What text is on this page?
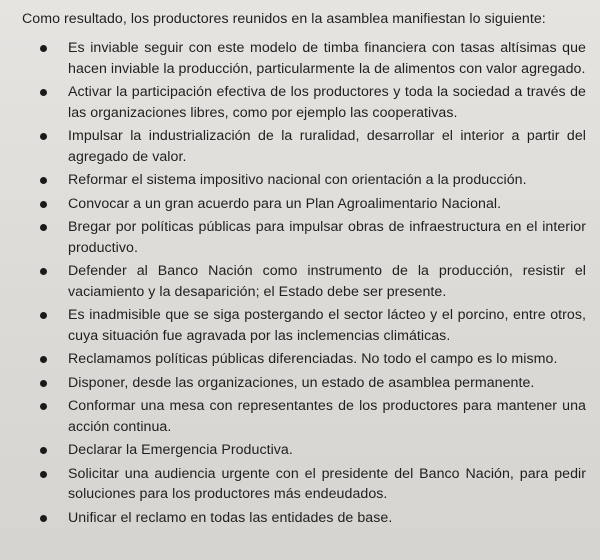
Como resultado, los productores reunidos en la asamblea manifiestan lo siguiente:

Es inviable seguir con este modelo de timba financiera con tasas altísimas que hacen inviable la producción, particularmente la de alimentos con valor agregado.
Activar la participación efectiva de los productores y toda la sociedad a través de las organizaciones libres, como por ejemplo las cooperativas.
Impulsar la industrialización de la ruralidad, desarrollar el interior a partir del agregado de valor.
Reformar el sistema impositivo nacional con orientación a la producción.
Convocar a un gran acuerdo para un Plan Agroalimentario Nacional.
Bregar por políticas públicas para impulsar obras de infraestructura en el interior productivo.
Defender al Banco Nación como instrumento de la producción, resistir el vaciamiento y la desaparición; el Estado debe ser presente.
Es inadmisible que se siga postergando el sector lácteo y el porcino, entre otros, cuya situación fue agravada por las inclemencias climáticas.
Reclamamos políticas públicas diferenciadas. No todo el campo es lo mismo.
Disponer, desde las organizaciones, un estado de asamblea permanente.
Conformar una mesa con representantes de los productores para mantener una acción continua.
Declarar la Emergencia Productiva.
Solicitar una audiencia urgente con el presidente del Banco Nación, para pedir soluciones para los productores más endeudados.
Unificar el reclamo en todas las entidades de base.
